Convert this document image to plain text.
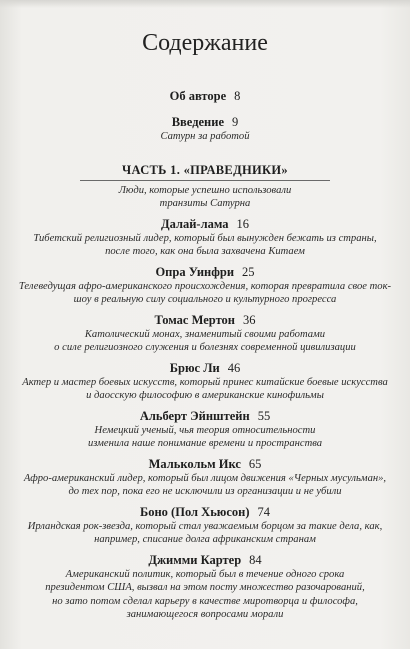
Содержание
Об авторе 8
Введение 9
Сатурн за работой
ЧАСТЬ 1. «ПРАВЕДНИКИ»
Люди, которые успешно использовали
транзиты Сатурна
Далай-лама 16
Тибетский религиозный лидер, который был вынужден бежать из страны,
после того, как она была захвачена Китаем
Опра Уинфри 25
Телеведущая афро-американского происхождения, которая превратила свое ток-
шоу в реальную силу социального и культурного прогресса
Томас Мертон 36
Католический монах, знаменитый своими работами
о силе религиозного служения и болезнях современной цивилизации
Брюс Ли 46
Актер и мастер боевых искусств, который принес китайские боевые искусства
и даосскую философию в американские кинофильмы
Альберт Эйнштейн 55
Немецкий ученый, чья теория относительности
изменила наше понимание времени и пространства
Малькольм Икс 65
Афро-американский лидер, который был лицом движения «Черных мусульман»,
до тех пор, пока его не исключили из организации и не убили
Боно (Пол Хьюсон) 74
Ирландская рок-звезда, который стал уважаемым борцом за такие дела, как,
например, списание долга африканским странам
Джимми Картер 84
Американский политик, который был в течение одного срока
президентом США, вызвал на этом посту множество разочарований,
но зато потом сделал карьеру в качестве миротворца и философа,
занимающегося вопросами морали
